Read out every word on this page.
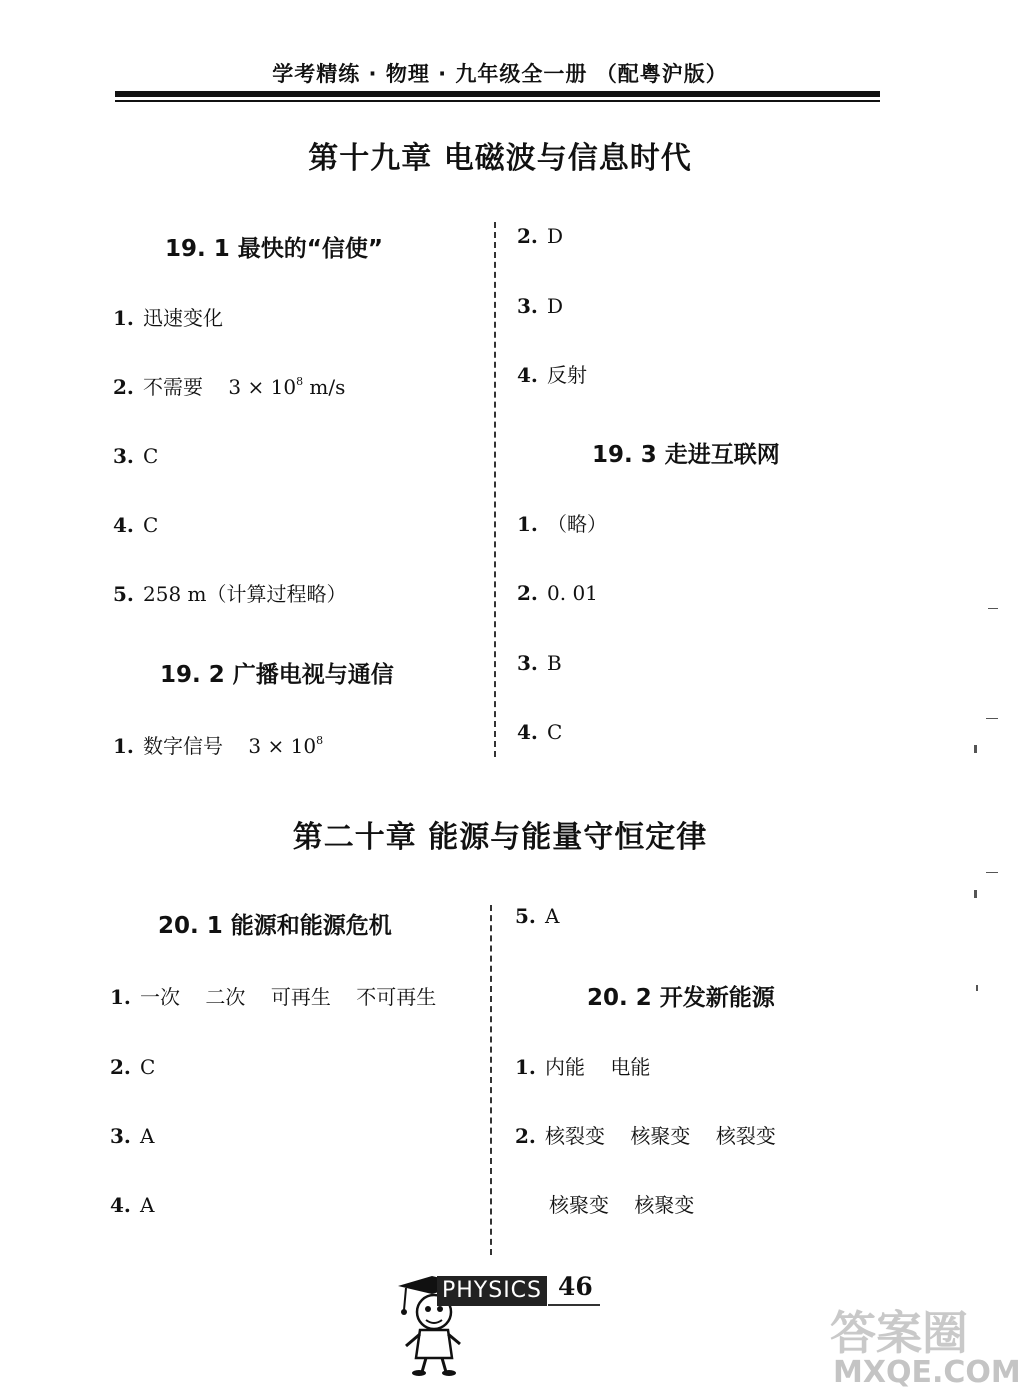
学考精练 · 物理 · 九年级全一册 （配粤沪版）
第十九章 电磁波与信息时代
19. 1 最快的“信使”
1. 迅速变化
2. 不需要    $3 \times 10^8$ m/s
3. C
4. C
5. 258 m（计算过程略）
19. 2 广播电视与通信
1. 数字信号    $3 \times 10^8$
2. D
3. D
4. 反射
19. 3 走进互联网
1. （略）
2. 0. 01
3. B
4. C
第二十章 能源与能量守恒定律
20. 1 能源和能源危机
1. 一次    二次    可再生    不可再生
2. C
3. A
4. A
5. A
20. 2 开发新能源
1. 内能    电能
2. 核裂变    核聚变    核裂变
核聚变    核聚变
PHYSICS 46
答案圈
MXQE.COM
